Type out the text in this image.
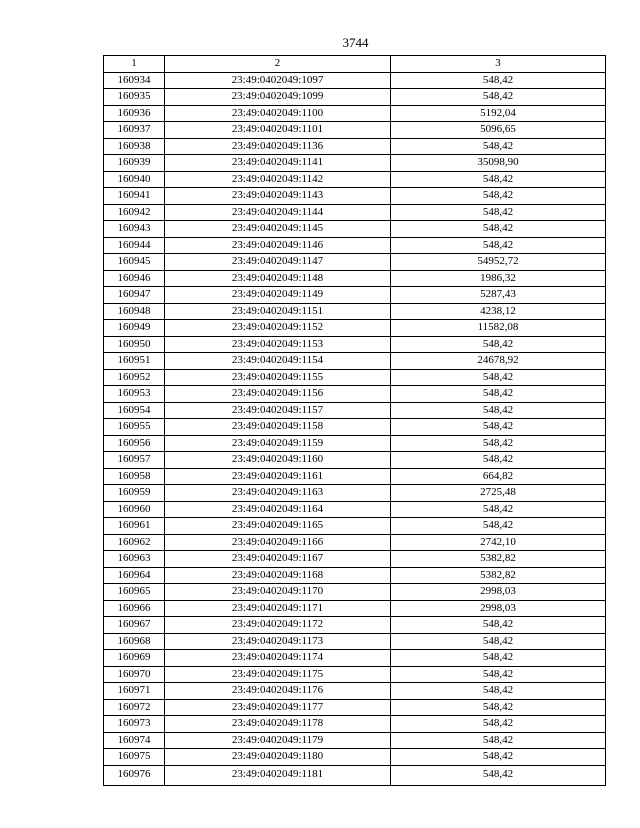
3744
1	2	3
160934	23:49:0402049:1097	548,42
160935	23:49:0402049:1099	548,42
160936	23:49:0402049:1100	5192,04
160937	23:49:0402049:1101	5096,65
160938	23:49:0402049:1136	548,42
160939	23:49:0402049:1141	35098,90
160940	23:49:0402049:1142	548,42
160941	23:49:0402049:1143	548,42
160942	23:49:0402049:1144	548,42
160943	23:49:0402049:1145	548,42
160944	23:49:0402049:1146	548,42
160945	23:49:0402049:1147	54952,72
160946	23:49:0402049:1148	1986,32
160947	23:49:0402049:1149	5287,43
160948	23:49:0402049:1151	4238,12
160949	23:49:0402049:1152	11582,08
160950	23:49:0402049:1153	548,42
160951	23:49:0402049:1154	24678,92
160952	23:49:0402049:1155	548,42
160953	23:49:0402049:1156	548,42
160954	23:49:0402049:1157	548,42
160955	23:49:0402049:1158	548,42
160956	23:49:0402049:1159	548,42
160957	23:49:0402049:1160	548,42
160958	23:49:0402049:1161	664,82
160959	23:49:0402049:1163	2725,48
160960	23:49:0402049:1164	548,42
160961	23:49:0402049:1165	548,42
160962	23:49:0402049:1166	2742,10
160963	23:49:0402049:1167	5382,82
160964	23:49:0402049:1168	5382,82
160965	23:49:0402049:1170	2998,03
160966	23:49:0402049:1171	2998,03
160967	23:49:0402049:1172	548,42
160968	23:49:0402049:1173	548,42
160969	23:49:0402049:1174	548,42
160970	23:49:0402049:1175	548,42
160971	23:49:0402049:1176	548,42
160972	23:49:0402049:1177	548,42
160973	23:49:0402049:1178	548,42
160974	23:49:0402049:1179	548,42
160975	23:49:0402049:1180	548,42
160976	23:49:0402049:1181	548,42
